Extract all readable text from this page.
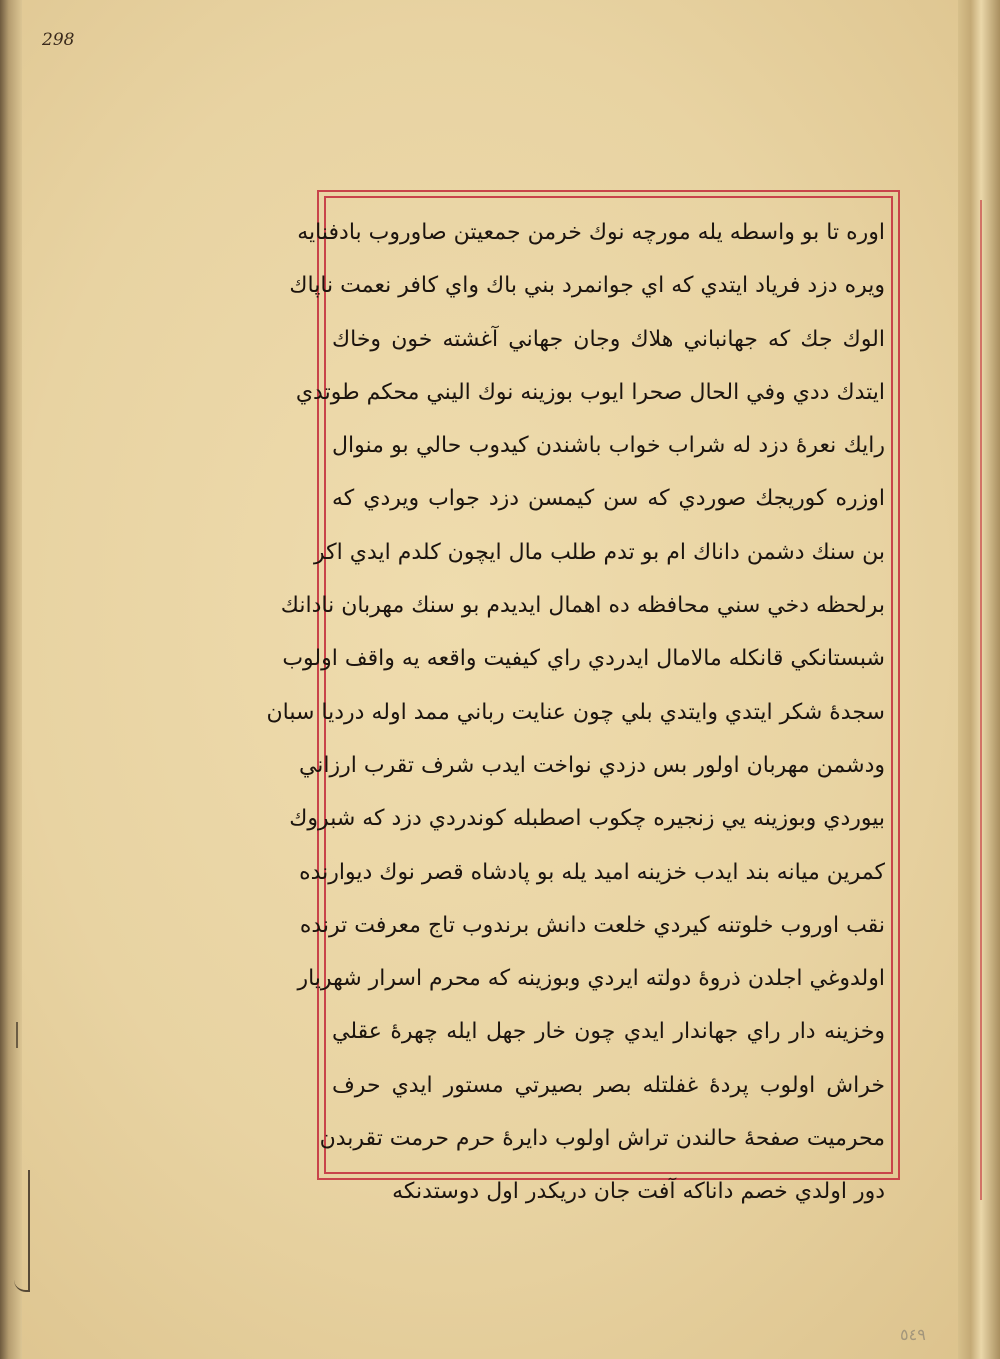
298
اوره تا بو واسطه يله مورچه نوك خرمن جمعيتن صاوروب بادفنايه
ويره دزد فرياد ايتدي كه اي جوانمرد بني باك واي كافر نعمت ناپاك
الوك جك كه جهانباني هلاك وجان جهاني آغشته خون وخاك
ايتدك ددي وفي الحال صحرا ايوب بوزينه نوك اليني محكم طوتدي
رايك نعرهٔ دزد له شراب خواب باشندن كيدوب حالي بو منوال
اوزره كوريجك صوردي كه سن كيمسن دزد جواب ويردي كه
بن سنك دشمن داناك ام بو تدم طلب مال ايچون كلدم ايدي اكر
برلحظه دخي سني محافظه ده اهمال ايديدم بو سنك مهربان نادانك
شبستانكي قانكله مالامال ايدردي راي كيفيت واقعه يه واقف اولوب
سجدهٔ شكر ايتدي وايتدي بلي چون عنايت رباني ممد اوله درديا سبان
ودشمن مهربان اولور بس دزدي نواخت ايدب شرف تقرب ارزاني
بيوردي وبوزينه يي زنجيره چكوب اصطبله كوندردي دزد كه شبروك
كمرين ميانه بند ايدب خزينه اميد يله بو پادشاه قصر نوك ديوارنده
نقب اوروب خلوتنه كيردي خلعت دانش برندوب تاج معرفت ترنده
اولدوغي اجلدن ذروهٔ دولته ايردي وبوزينه كه محرم اسرار شهريار
وخزينه دار راي جهاندار ايدي چون خار جهل ايله چهرهٔ عقلي
خراش اولوب پردهٔ غفلتله بصر بصيرتي مستور ايدي حرف
محرميت صفحهٔ حالندن تراش اولوب دايرهٔ حرم حرمت تقربدن
دور اولدي خصم داناكه آفت جان دريكدر اول دوستدنكه
٥٤٩
